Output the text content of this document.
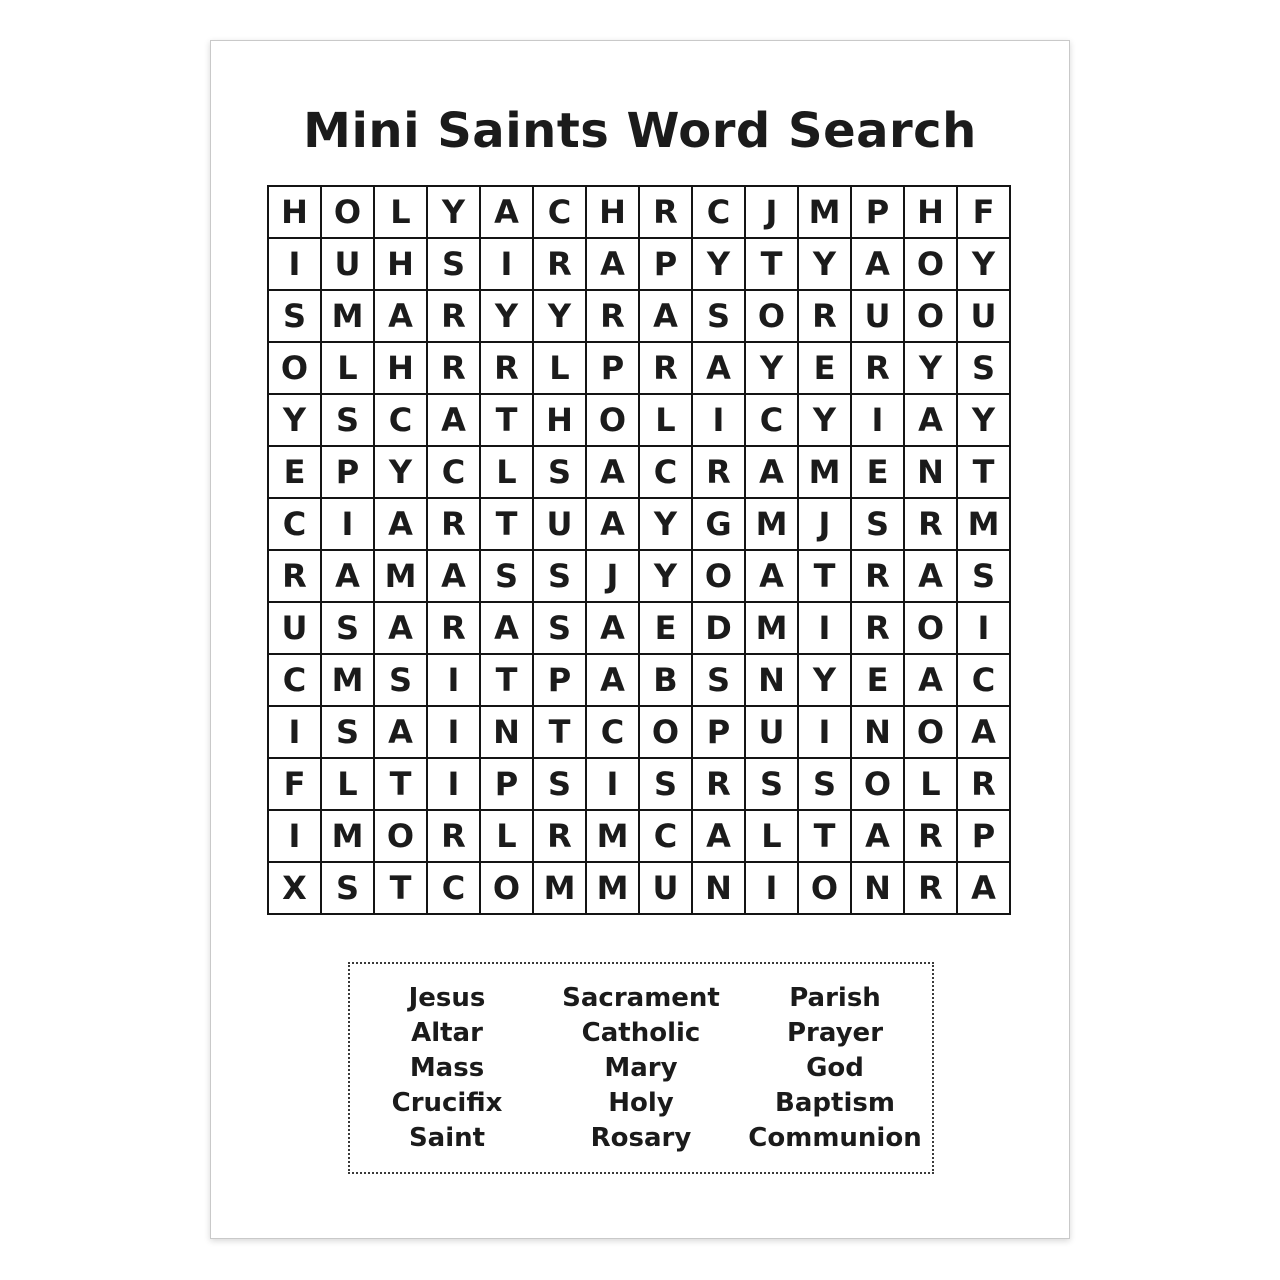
Mini Saints Word Search
H	O	L	Y	A	C	H	R	C	J	M	P	H	F
I	U	H	S	I	R	A	P	Y	T	Y	A	O	Y
S	M	A	R	Y	Y	R	A	S	O	R	U	O	U
O	L	H	R	R	L	P	R	A	Y	E	R	Y	S
Y	S	C	A	T	H	O	L	I	C	Y	I	A	Y
E	P	Y	C	L	S	A	C	R	A	M	E	N	T
C	I	A	R	T	U	A	Y	G	M	J	S	R	M
R	A	M	A	S	S	J	Y	O	A	T	R	A	S
U	S	A	R	A	S	A	E	D	M	I	R	O	I
C	M	S	I	T	P	A	B	S	N	Y	E	A	C
I	S	A	I	N	T	C	O	P	U	I	N	O	A
F	L	T	I	P	S	I	S	R	S	S	O	L	R
I	M	O	R	L	R	M	C	A	L	T	A	R	P
X	S	T	C	O	M	M	U	N	I	O	N	R	A
Jesus
Altar
Mass
Crucifix
Saint
Sacrament
Catholic
Mary
Holy
Rosary
Parish
Prayer
God
Baptism
Communion
